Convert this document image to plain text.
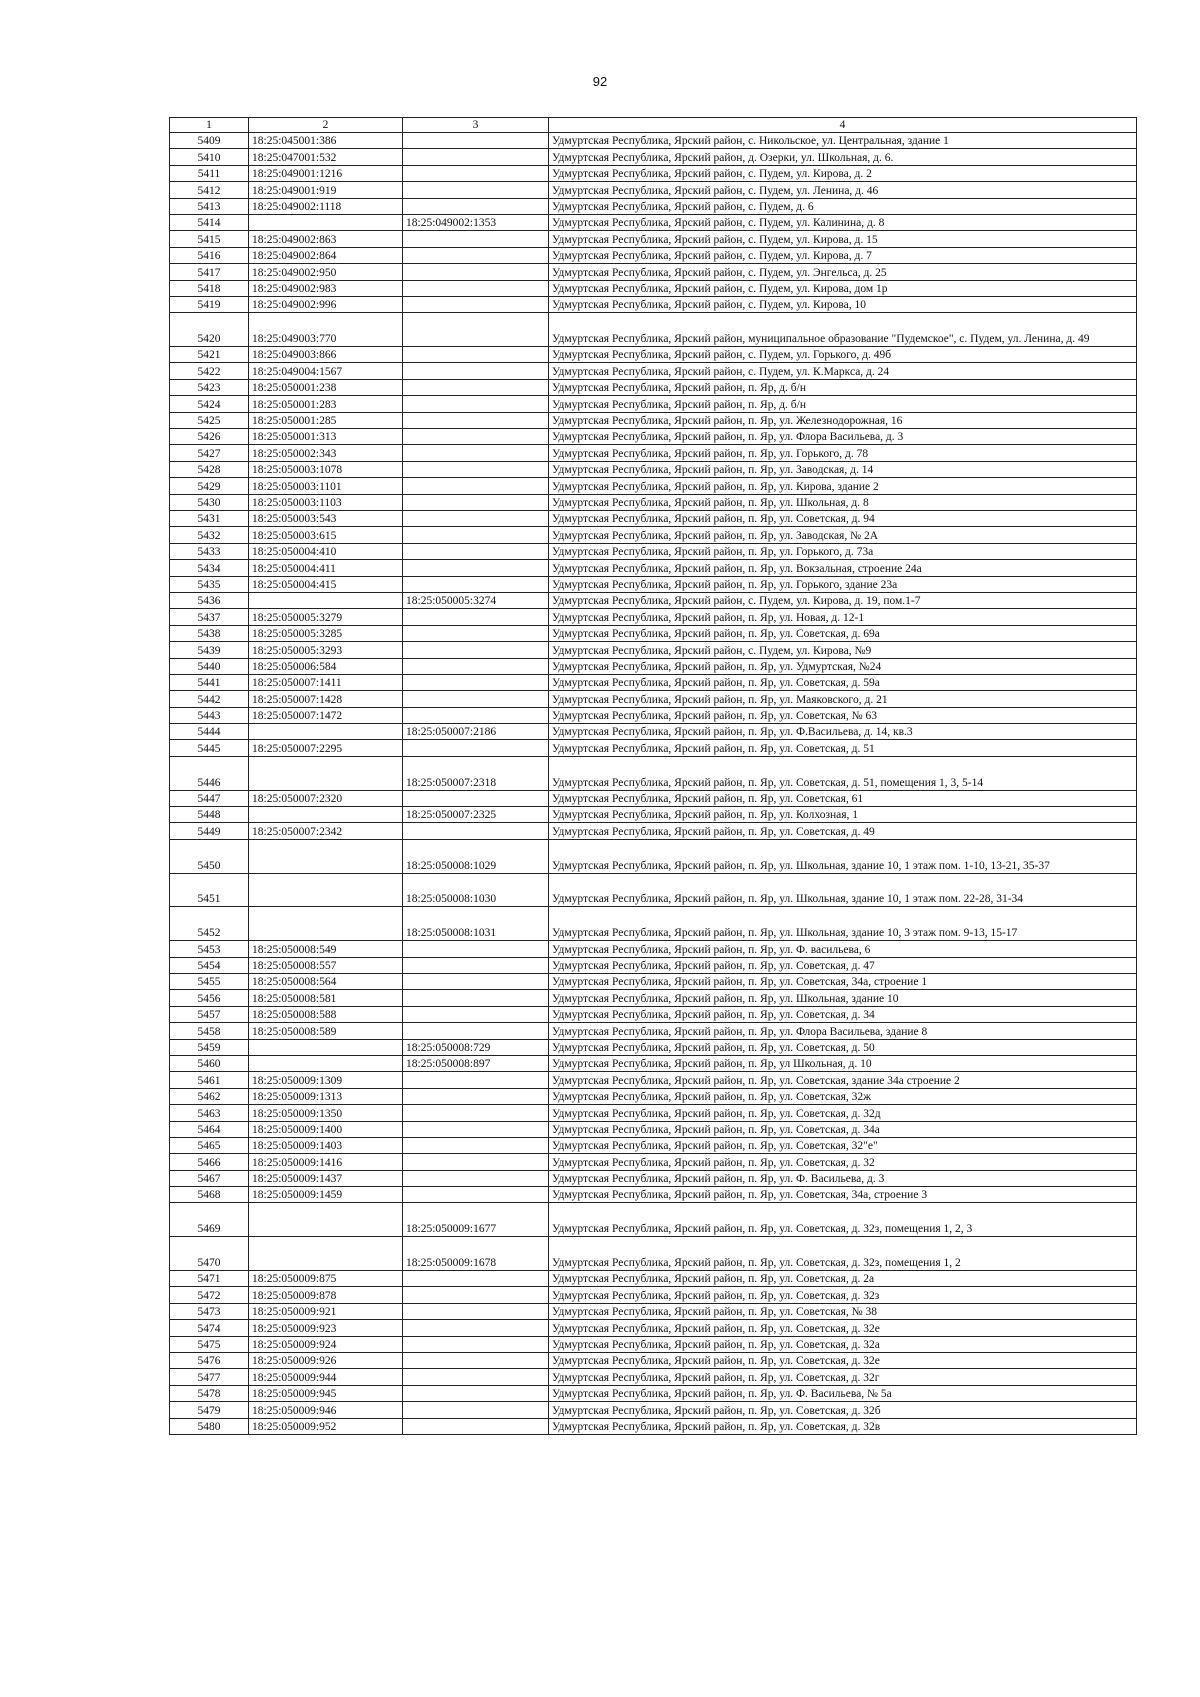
92
1	2	3	4
5409	18:25:045001:386		Удмуртская Республика, Ярский район, с. Никольское, ул. Центральная, здание 1
5410	18:25:047001:532		Удмуртская Республика, Ярский район, д. Озерки, ул. Школьная, д. 6.
5411	18:25:049001:1216		Удмуртская Республика, Ярский район, с. Пудем, ул. Кирова, д. 2
5412	18:25:049001:919		Удмуртская Республика, Ярский район, с. Пудем, ул. Ленина, д. 46
5413	18:25:049002:1118		Удмуртская Республика, Ярский район, с. Пудем, д. 6
5414		18:25:049002:1353	Удмуртская Республика, Ярский район, с. Пудем, ул. Калинина, д. 8
5415	18:25:049002:863		Удмуртская Республика, Ярский район, с. Пудем, ул. Кирова, д. 15
5416	18:25:049002:864		Удмуртская Республика, Ярский район, с. Пудем, ул. Кирова, д. 7
5417	18:25:049002:950		Удмуртская Республика, Ярский район, с. Пудем, ул. Энгельса, д. 25
5418	18:25:049002:983		Удмуртская Республика, Ярский район, с. Пудем, ул. Кирова, дом 1р
5419	18:25:049002:996		Удмуртская Республика, Ярский район, с. Пудем, ул. Кирова, 10
5420	18:25:049003:770		Удмуртская Республика, Ярский район, муниципальное образование "Пудемское", с. Пудем, ул. Ленина, д. 49
5421	18:25:049003:866		Удмуртская Республика, Ярский район, с. Пудем, ул. Горького, д. 49б
5422	18:25:049004:1567		Удмуртская Республика, Ярский район, с. Пудем, ул. К.Маркса, д. 24
5423	18:25:050001:238		Удмуртская Республика, Ярский район, п. Яр, д. б/н
5424	18:25:050001:283		Удмуртская Республика, Ярский район, п. Яр, д. б/н
5425	18:25:050001:285		Удмуртская Республика, Ярский район, п. Яр, ул. Железнодорожная, 16
5426	18:25:050001:313		Удмуртская Республика, Ярский район, п. Яр, ул. Флора Васильева, д. 3
5427	18:25:050002:343		Удмуртская Республика, Ярский район, п. Яр, ул. Горького, д. 78
5428	18:25:050003:1078		Удмуртская Республика, Ярский район, п. Яр, ул. Заводская, д. 14
5429	18:25:050003:1101		Удмуртская Республика, Ярский район, п. Яр, ул. Кирова, здание 2
5430	18:25:050003:1103		Удмуртская Республика, Ярский район, п. Яр, ул. Школьная, д. 8
5431	18:25:050003:543		Удмуртская Республика, Ярский район, п. Яр, ул. Советская, д. 94
5432	18:25:050003:615		Удмуртская Республика, Ярский район, п. Яр, ул. Заводская, № 2А
5433	18:25:050004:410		Удмуртская Республика, Ярский район, п. Яр, ул. Горького, д. 73а
5434	18:25:050004:411		Удмуртская Республика, Ярский район, п. Яр, ул. Вокзальная, строение 24а
5435	18:25:050004:415		Удмуртская Республика, Ярский район, п. Яр, ул. Горького, здание 23а
5436		18:25:050005:3274	Удмуртская Республика, Ярский район, с. Пудем, ул. Кирова, д. 19, пом.1-7
5437	18:25:050005:3279		Удмуртская Республика, Ярский район, п. Яр, ул. Новая, д. 12-1
5438	18:25:050005:3285		Удмуртская Республика, Ярский район, п. Яр, ул. Советская, д. 69а
5439	18:25:050005:3293		Удмуртская Республика, Ярский район, с. Пудем, ул. Кирова, №9
5440	18:25:050006:584		Удмуртская Республика, Ярский район, п. Яр, ул. Удмуртская, №24
5441	18:25:050007:1411		Удмуртская Республика, Ярский район, п. Яр, ул. Советская, д. 59а
5442	18:25:050007:1428		Удмуртская Республика, Ярский район, п. Яр, ул. Маяковского, д. 21
5443	18:25:050007:1472		Удмуртская Республика, Ярский район, п. Яр, ул. Советская, № 63
5444		18:25:050007:2186	Удмуртская Республика, Ярский район, п. Яр, ул. Ф.Васильева, д. 14, кв.3
5445	18:25:050007:2295		Удмуртская Республика, Ярский район, п. Яр, ул. Советская, д. 51
5446		18:25:050007:2318	Удмуртская Республика, Ярский район, п. Яр, ул. Советская, д. 51, помещения 1, 3, 5-14
5447	18:25:050007:2320		Удмуртская Республика, Ярский район, п. Яр, ул. Советская, 61
5448		18:25:050007:2325	Удмуртская Республика, Ярский район, п. Яр, ул. Колхозная, 1
5449	18:25:050007:2342		Удмуртская Республика, Ярский район, п. Яр, ул. Советская, д. 49
5450		18:25:050008:1029	Удмуртская Республика, Ярский район, п. Яр, ул. Школьная, здание 10, 1 этаж пом. 1-10, 13-21, 35-37
5451		18:25:050008:1030	Удмуртская Республика, Ярский район, п. Яр, ул. Школьная, здание 10, 1 этаж пом. 22-28, 31-34
5452		18:25:050008:1031	Удмуртская Республика, Ярский район, п. Яр, ул. Школьная, здание 10, 3 этаж пом. 9-13, 15-17
5453	18:25:050008:549		Удмуртская Республика, Ярский район, п. Яр, ул. Ф. васильева, 6
5454	18:25:050008:557		Удмуртская Республика, Ярский район, п. Яр, ул. Советская, д. 47
5455	18:25:050008:564		Удмуртская Республика, Ярский район, п. Яр, ул. Советская, 34а, строение 1
5456	18:25:050008:581		Удмуртская Республика, Ярский район, п. Яр, ул. Школьная, здание 10
5457	18:25:050008:588		Удмуртская Республика, Ярский район, п. Яр, ул. Советская, д. 34
5458	18:25:050008:589		Удмуртская Республика, Ярский район, п. Яр, ул. Флора Васильева, здание 8
5459		18:25:050008:729	Удмуртская Республика, Ярский район, п. Яр, ул. Советская, д. 50
5460		18:25:050008:897	Удмуртская Республика, Ярский район, п. Яр, ул Школьная, д. 10
5461	18:25:050009:1309		Удмуртская Республика, Ярский район, п. Яр, ул. Советская, здание 34а строение 2
5462	18:25:050009:1313		Удмуртская Республика, Ярский район, п. Яр, ул. Советская, 32ж
5463	18:25:050009:1350		Удмуртская Республика, Ярский район, п. Яр, ул. Советская, д. 32д
5464	18:25:050009:1400		Удмуртская Республика, Ярский район, п. Яр, ул. Советская, д. 34а
5465	18:25:050009:1403		Удмуртская Республика, Ярский район, п. Яр, ул. Советская, 32"е"
5466	18:25:050009:1416		Удмуртская Республика, Ярский район, п. Яр, ул. Советская, д. 32
5467	18:25:050009:1437		Удмуртская Республика, Ярский район, п. Яр, ул. Ф. Васильева, д. 3
5468	18:25:050009:1459		Удмуртская Республика, Ярский район, п. Яр, ул. Советская, 34а, строение 3
5469		18:25:050009:1677	Удмуртская Республика, Ярский район, п. Яр, ул. Советская, д. 32з, помещения 1, 2, 3
5470		18:25:050009:1678	Удмуртская Республика, Ярский район, п. Яр, ул. Советская, д. 32з, помещения 1, 2
5471	18:25:050009:875		Удмуртская Республика, Ярский район, п. Яр, ул. Советская, д. 2а
5472	18:25:050009:878		Удмуртская Республика, Ярский район, п. Яр, ул. Советская, д. 32з
5473	18:25:050009:921		Удмуртская Республика, Ярский район, п. Яр, ул. Советская, № 38
5474	18:25:050009:923		Удмуртская Республика, Ярский район, п. Яр, ул. Советская, д. 32е
5475	18:25:050009:924		Удмуртская Республика, Ярский район, п. Яр, ул. Советская, д. 32а
5476	18:25:050009:926		Удмуртская Республика, Ярский район, п. Яр, ул. Советская, д. 32е
5477	18:25:050009:944		Удмуртская Республика, Ярский район, п. Яр, ул. Советская, д. 32г
5478	18:25:050009:945		Удмуртская Республика, Ярский район, п. Яр, ул. Ф. Васильева, № 5а
5479	18:25:050009:946		Удмуртская Республика, Ярский район, п. Яр, ул. Советская, д. 32б
5480	18:25:050009:952		Удмуртская Республика, Ярский район, п. Яр, ул. Советская, д. 32в
